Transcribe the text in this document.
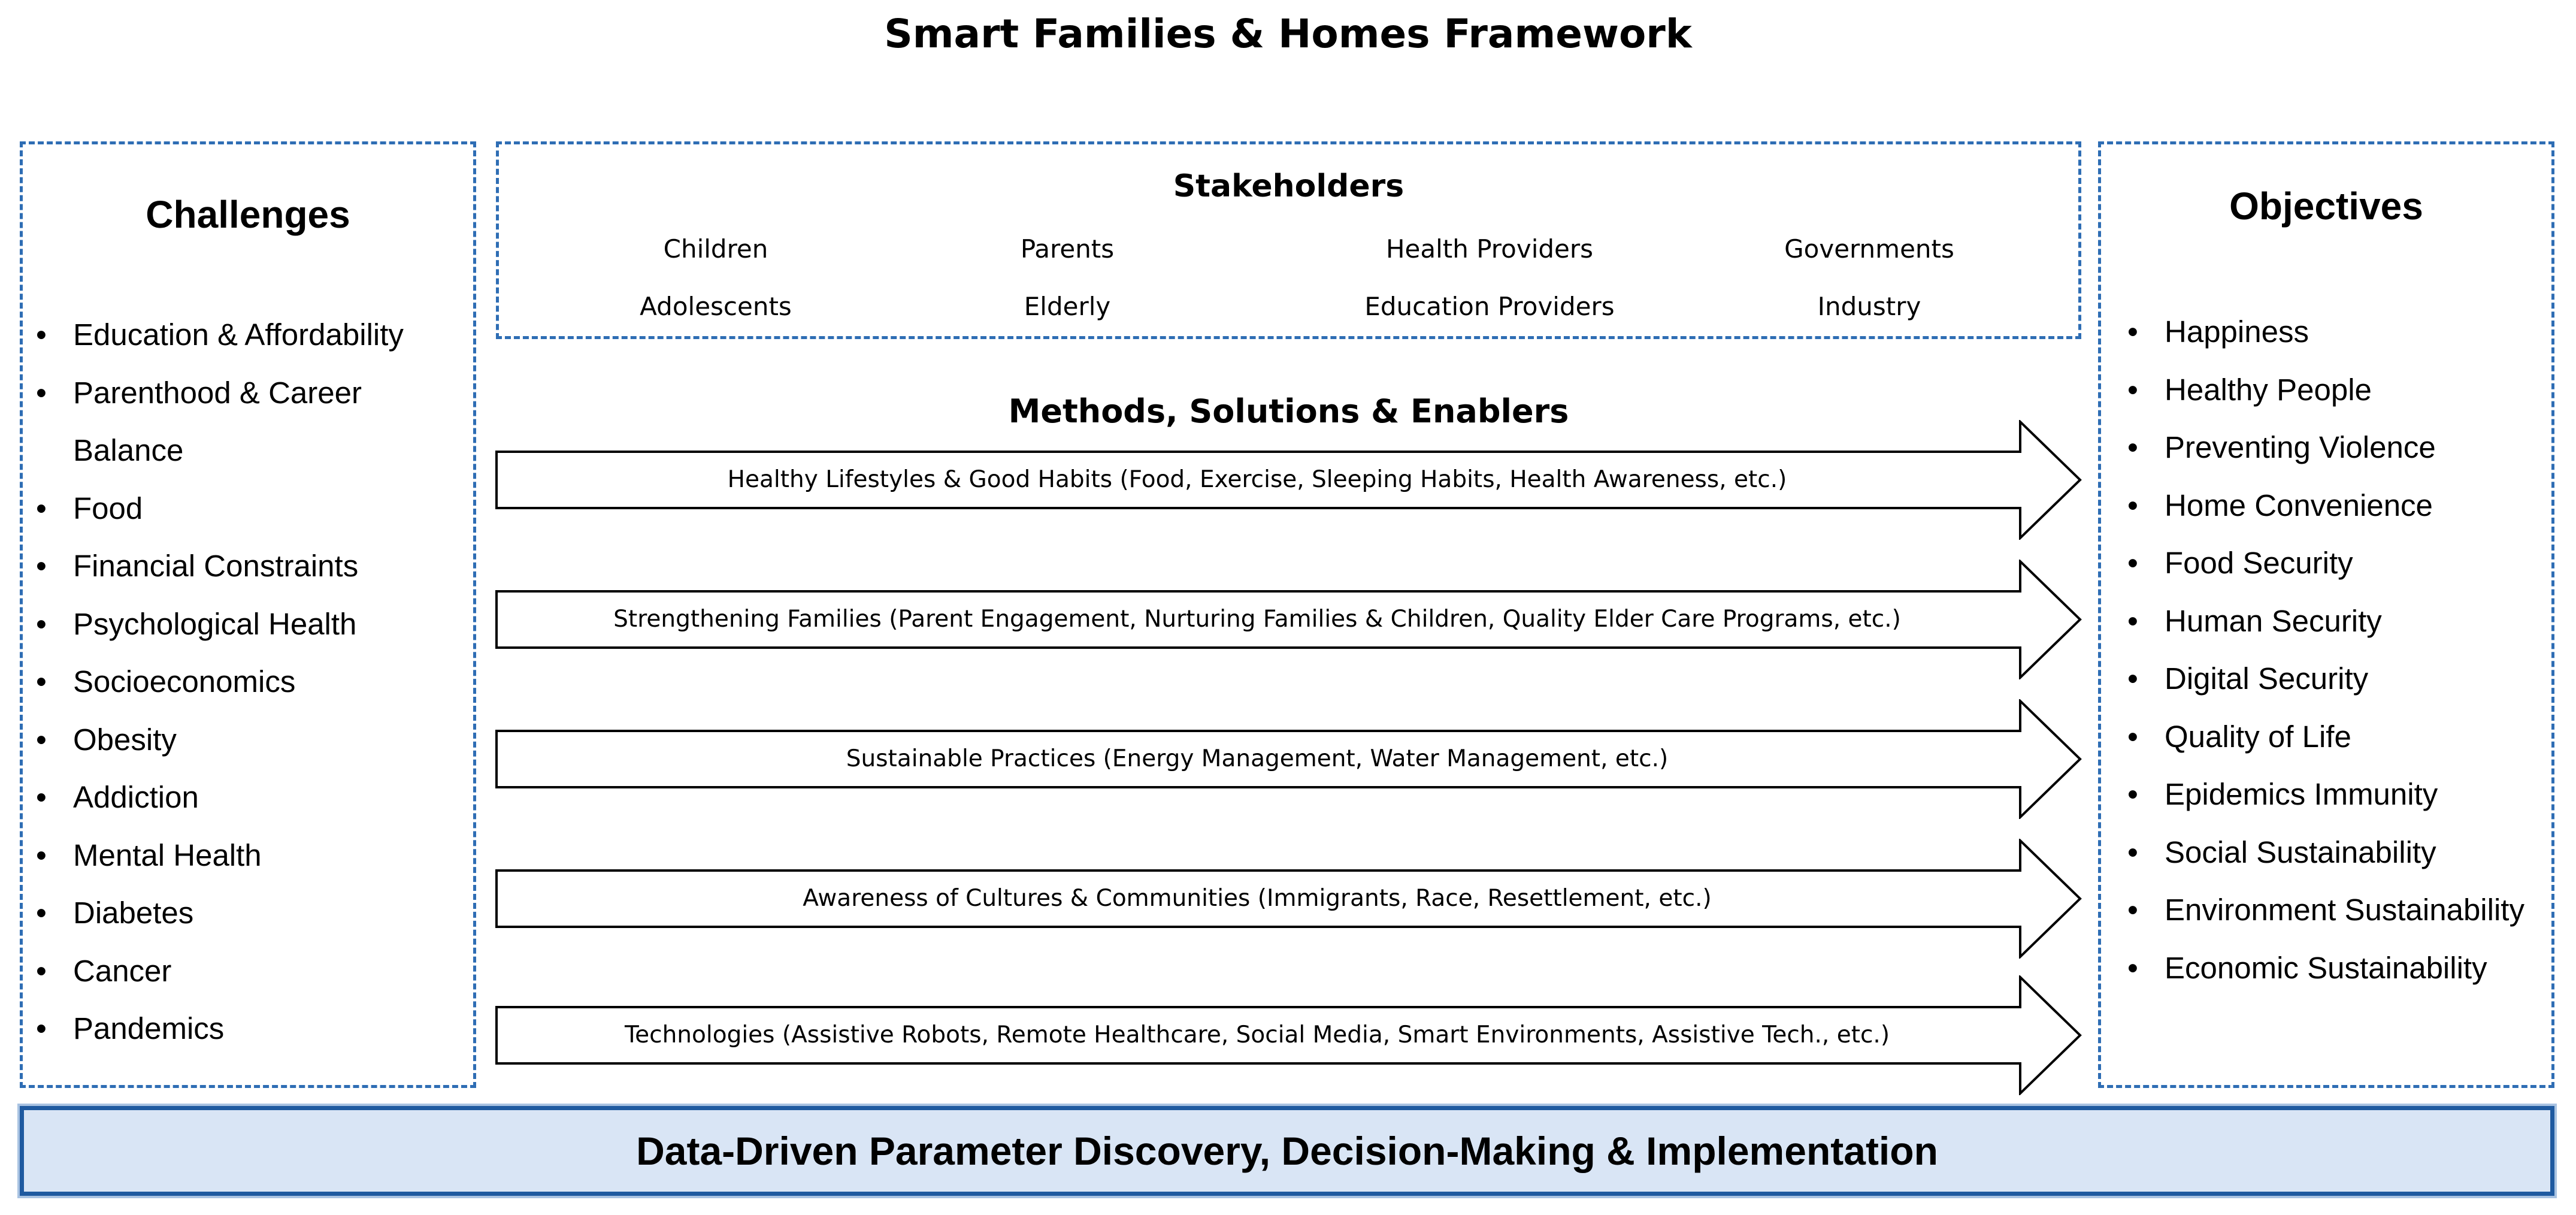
Smart Families & Homes Framework
Challenges
• Education & Affordability
• Parenthood & Career Balance
• Food
• Financial Constraints
• Psychological Health
• Socioeconomics
• Obesity
• Addiction
• Mental Health
• Diabetes
• Cancer
• Pandemics
Stakeholders
Children	Parents	Health Providers	Governments
Adolescents	Elderly	Education Providers	Industry
Methods, Solutions & Enablers
Healthy Lifestyles & Good Habits (Food, Exercise, Sleeping Habits, Health Awareness, etc.)
Strengthening Families (Parent Engagement, Nurturing Families & Children, Quality Elder Care Programs, etc.)
Sustainable Practices (Energy Management, Water Management, etc.)
Awareness of Cultures & Communities (Immigrants, Race, Resettlement, etc.)
Technologies (Assistive Robots, Remote Healthcare, Social Media, Smart Environments, Assistive Tech., etc.)
Objectives
• Happiness
• Healthy People
• Preventing Violence
• Home Convenience
• Food Security
• Human Security
• Digital Security
• Quality of Life
• Epidemics Immunity
• Social Sustainability
• Environment Sustainability
• Economic Sustainability
Data-Driven Parameter Discovery, Decision-Making & Implementation
